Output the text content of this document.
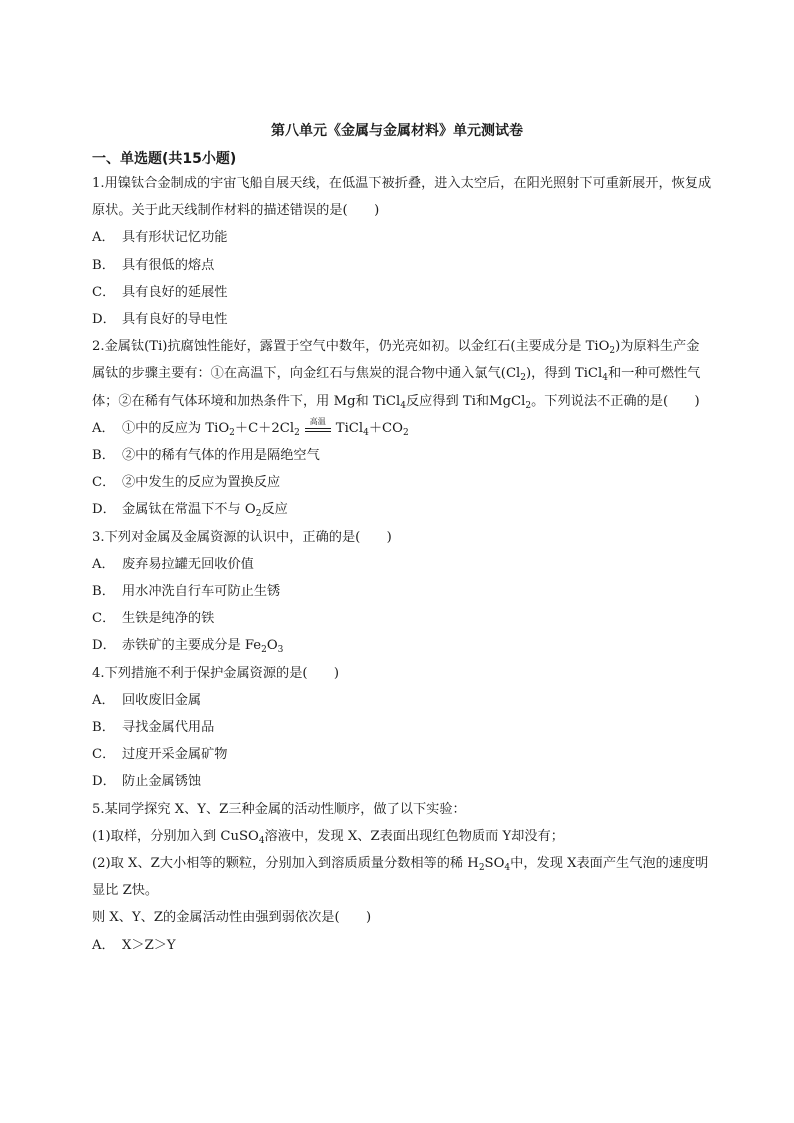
第八单元《金属与金属材料》单元测试卷
一、单选题(共15小题)

1.用镍钛合金制成的宇宙飞船自展天线，在低温下被折叠，进入太空后，在阳光照射下可重新展开，恢复成原状。关于此天线制作材料的描述错误的是(　　)

A． 具有形状记忆功能

B． 具有很低的熔点

C． 具有良好的延展性

D． 具有良好的导电性

2.金属钛(Ti)抗腐蚀性能好，露置于空气中数年，仍光亮如初。以金红石(主要成分是 TiO$_2$)为原料生产金属钛的步骤主要有：①在高温下，向金红石与焦炭的混合物中通入氯气$(Cl_2)$，得到 TiCl$_4$和一种可燃性气体；②在稀有气体环境和加热条件下，用 Mg和 TiCl$_4$反应得到 Ti和MgCl$_2$。下列说法不正确的是(　　)

A． ①中的反应为 $TiO_2+C+2Cl_2$
高温 $TiCl_4+CO_2$

B． ②中的稀有气体的作用是隔绝空气

C． ②中发生的反应为置换反应

D． 金属钛在常温下不与 $O_2$反应

3.下列对金属及金属资源的认识中，正确的是(　　)

A． 废弃易拉罐无回收价值

B． 用水冲洗自行车可防止生锈

C． 生铁是纯净的铁

D． 赤铁矿的主要成分是 $Fe_2O_3$

4.下列措施不利于保护金属资源的是(　　)

A． 回收废旧金属

B． 寻找金属代用品

C． 过度开采金属矿物

D． 防止金属锈蚀

5.某同学探究 X、Y、Z三种金属的活动性顺序，做了以下实验：

(1)取样，分别加入到 CuSO$_4$溶液中，发现 X、Z表面出现红色物质而 Y却没有；

(2)取 X、Z大小相等的颗粒，分别加入到溶质质量分数相等的稀 $H_2SO_4$中，发现 X表面产生气泡的速度明显比 Z快。

则 X、Y、Z的金属活动性由强到弱依次是(　　)

A． X＞Z＞Y
